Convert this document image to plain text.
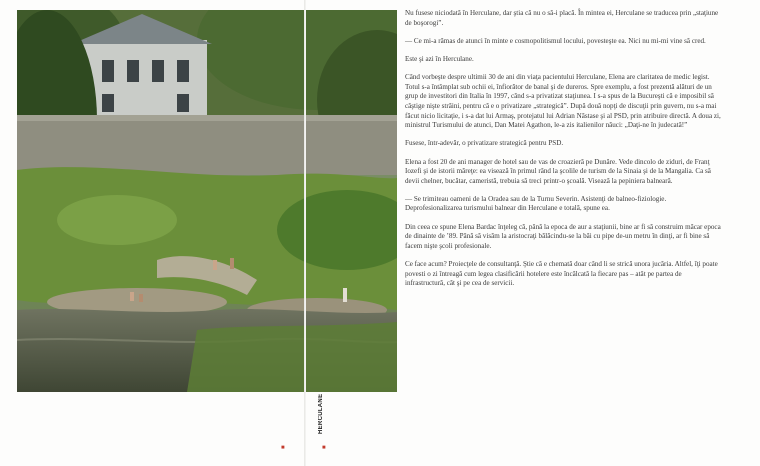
■
HERCULANE
■

Nu fusese niciodată în Herculane, dar ştia că nu o să-i placă. În mintea ei, Herculane se traducea prin „staţiune de boşorogi”.

— Ce mi-a rămas de atunci în minte e cosmopolitismul locului, povesteşte ea. Nici nu mi-mi vine să cred.

Este şi azi în Herculane.

Când vorbeşte despre ultimii 30 de ani din viaţa pacientului Herculane, Elena are claritatea de medic legist. Totul s-a întâmplat sub ochii ei, înfiorător de banal şi de dureros. Spre exemplu, a fost prezentă alături de un grup de investitori din Italia în 1997, când s-a privatizat staţiunea. I s-a spus de la Bucureşti că e imposibil să câştige nişte străini, pentru că e o privatizare „strategică”. După două nopţi de discuţii prin guvern, nu s-a mai făcut nicio licitaţie, i s-a dat lui Armaş, protejatul lui Adrian Năstase şi al PSD, prin atribuire directă. A doua zi, ministrul Turismului de atunci, Dan Matei Agathon, le-a zis italienilor năuci: „Daţi-ne în judecată!”

Fusese, într-adevăr, o privatizare strategică pentru PSD.

Elena a fost 20 de ani manager de hotel sau de vas de croazieră pe Dunăre. Vede dincolo de ziduri, de Franţ Iozefi şi de istorii măreţe: ea visează în primul rând la şcolile de turism de la Sinaia şi de la Mangalia. Ca să devii chelner, bucătar, cameristă, trebuia să treci printr-o şcoală. Visează la pepiniera balneară.

— Se trimiteau oameni de la Oradea sau de la Turnu Severin. Asistenţi de balneo-fiziologie. Deprofesionalizarea turismului balnear din Herculane e totală, spune ea.

Din ceea ce spune Elena Bardac înţeleg că, până la epoca de aur a staţiunii, bine ar fi să construim măcar epoca de dinainte de ’89. Până să visăm la aristocraţi bălăcindu-se la băi cu pipe de-un metru în dinţi, ar fi bine să facem nişte şcoli profesionale.

Ce face acum? Proiecţele de consultanţă. Ştie că e chemată doar când li se strică unora jucăria. Altfel, îţi poate povesti o zi întreagă cum legea clasificării hotelere este încălcată la fiecare pas – atât pe partea de infrastructură, cât şi pe cea de servicii.
